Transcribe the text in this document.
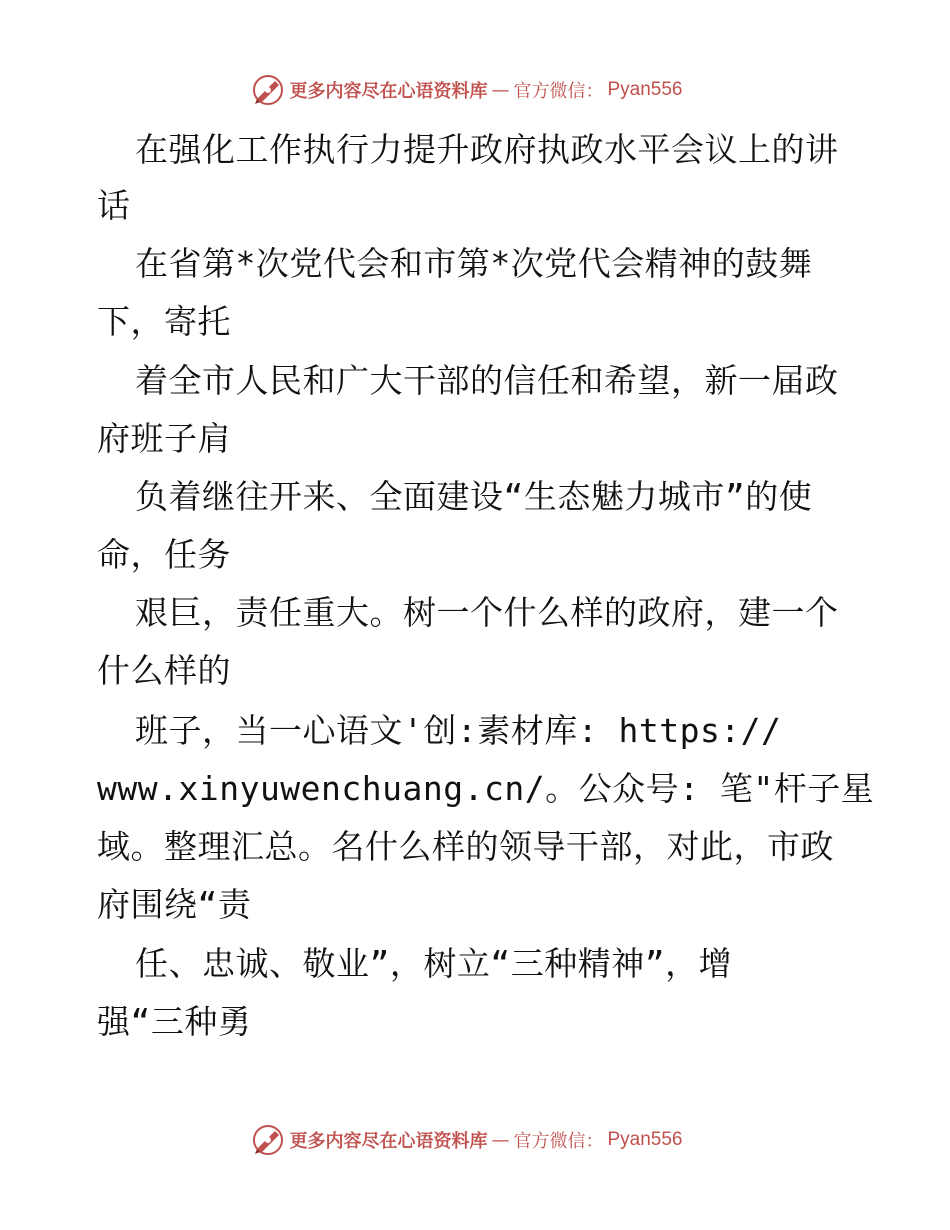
更多内容尽在心语资料库 — 官方微信： Pyan556
在强化工作执行力提升政府执政水平会议上的讲
话
在省第*次党代会和市第*次党代会精神的鼓舞
下，寄托
着全市人民和广大干部的信任和希望，新一届政
府班子肩
负着继往开来、全面建设“生态魅力城市”的使
命，任务
艰巨，责任重大。树一个什么样的政府，建一个
什么样的
班子，当一心语文'创:素材库: https://
www.xinyuwenchuang.cn/。公众号: 笔"杆子星
域。整理汇总。名什么样的领导干部，对此，市政
府围绕“责
任、忠诚、敬业”，树立“三种精神”，增
强“三种勇
更多内容尽在心语资料库 — 官方微信： Pyan556
